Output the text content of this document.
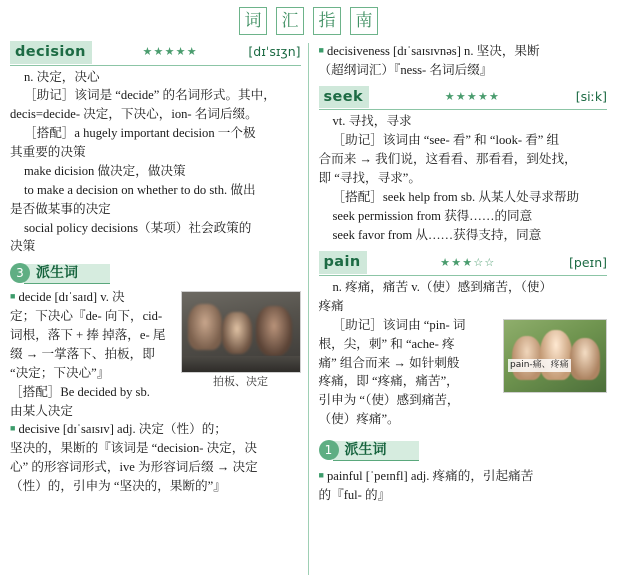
词	汇	指	南
decision	★★★★★	[dɪˈsɪʒn]

n. 决定，决心

［助记］该词是 “decide” 的名词形式。其中，

decis=decide- 决定，下决心，ion- 名词后缀。

［搭配］a hugely important decision 一个极

其重要的决策

make dicision 做决定，做决策

to make a decision on whether to do sth. 做出

是否做某事的决定

social policy decisions（某项）社会政策的

决策

3 派生词
拍板、决定

■ decide [dɪˈsaɪd] v. 决

定；下决心『de- 向下，cid-

词根，落下 + 捧 掉落，e- 尾

缀 → 一掌落下、拍板，即

“决定；下决心”』

［搭配］Be decided by sb.

由某人决定

■ decisive [dɪˈsaɪsɪv] adj. 决定（性）的；

坚决的，果断的『该词是 “decision- 决定，决

心” 的形容词形式，ive 为形容词后缀 → 决定

（性）的，引申为 “坚决的，果断的”』

■ decisiveness [dɪˈsaɪsɪvnəs] n. 坚决，果断

（超纲词汇）『ness- 名词后缀』

seek	★★★★★	[siːk]

vt. 寻找，寻求

［助记］该词由 “see- 看” 和 “look- 看” 组

合而来 → 我们说，这看看、那看看，到处找，

即 “寻找，寻求”。

［搭配］seek help from sb. 从某人处寻求帮助

seek permission from 获得……的同意

seek favor from 从……获得支持，同意

pain	★★★☆☆	[peɪn]

n. 疼痛，痛苦 v.（使）感到痛苦，（使）

疼痛

pain-痛、疼痛

［助记］该词由 “pin- 词

根，尖，刺” 和 “ache- 疼

痛” 组合而来 → 如针刺般

疼痛，即 “疼痛，痛苦”，

引申为 “（使）感到痛苦，

（使）疼痛”。

1 派生词

■ painful [ˈpeɪnfl] adj. 疼痛的，引起痛苦

的『ful- 的』
